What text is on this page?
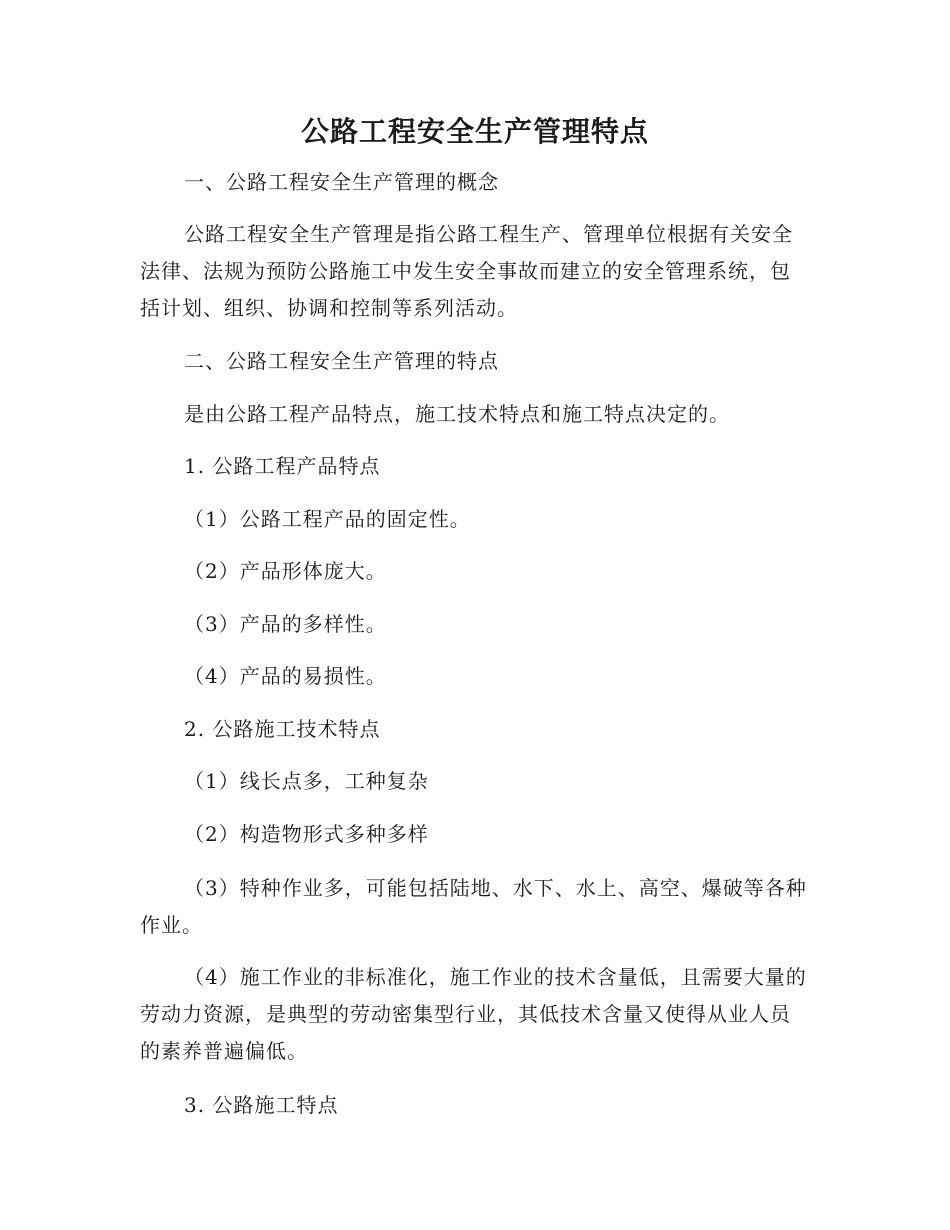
公路工程安全生产管理特点
一、公路工程安全生产管理的概念
公路工程安全生产管理是指公路工程生产、管理单位根据有关安全法律、法规为预防公路施工中发生安全事故而建立的安全管理系统，包括计划、组织、协调和控制等系列活动。
二、公路工程安全生产管理的特点
是由公路工程产品特点，施工技术特点和施工特点决定的。
1. 公路工程产品特点
（1）公路工程产品的固定性。
（2）产品形体庞大。
（3）产品的多样性。
（4）产品的易损性。
2. 公路施工技术特点
（1）线长点多，工种复杂
（2）构造物形式多种多样
（3）特种作业多，可能包括陆地、水下、水上、高空、爆破等各种作业。
（4）施工作业的非标准化，施工作业的技术含量低，且需要大量的劳动力资源，是典型的劳动密集型行业，其低技术含量又使得从业人员的素养普遍偏低。
3. 公路施工特点
